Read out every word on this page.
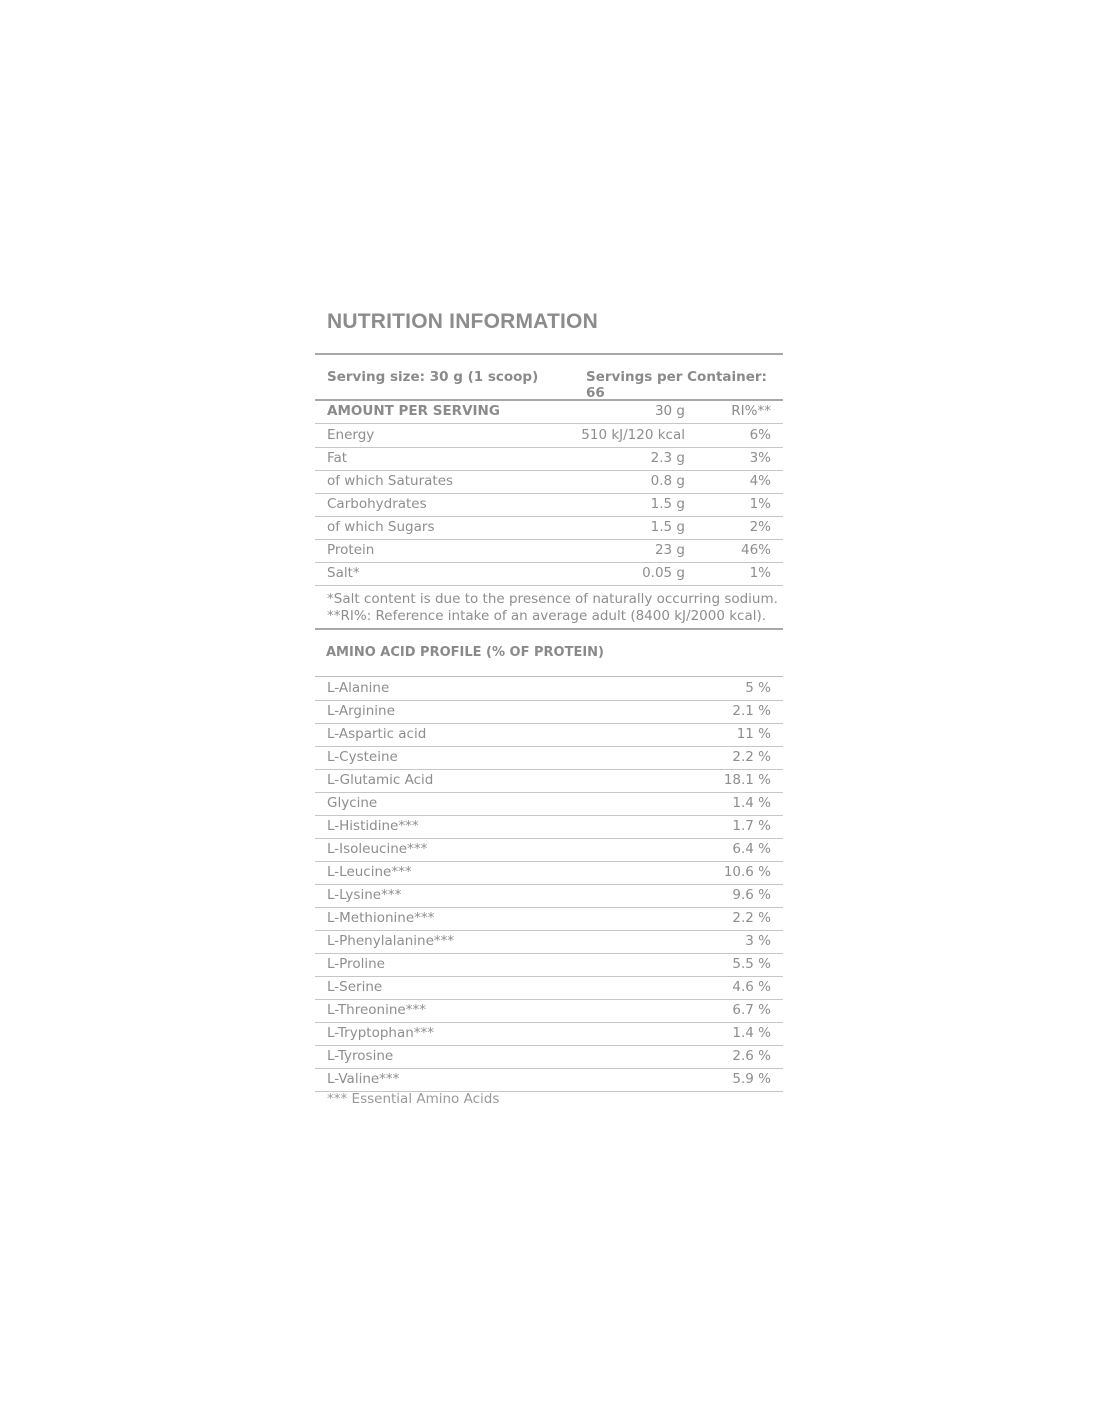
NUTRITION INFORMATION
Serving size: 30 g (1 scoop)	Servings per Container: 66
AMOUNT PER SERVING	30 g	RI%**
Energy	510 kJ/120 kcal	6%
Fat	2.3 g	3%
of which Saturates	0.8 g	4%
Carbohydrates	1.5 g	1%
of which Sugars	1.5 g	2%
Protein	23 g	46%
Salt*	0.05 g	1%
*Salt content is due to the presence of naturally occurring sodium.
**RI%: Reference intake of an average adult (8400 kJ/2000 kcal).
AMINO ACID PROFILE (% OF PROTEIN)
L-Alanine	5 %
L-Arginine	2.1 %
L-Aspartic acid	11 %
L-Cysteine	2.2 %
L-Glutamic Acid	18.1 %
Glycine	1.4 %
L-Histidine***	1.7 %
L-Isoleucine***	6.4 %
L-Leucine***	10.6 %
L-Lysine***	9.6 %
L-Methionine***	2.2 %
L-Phenylalanine***	3 %
L-Proline	5.5 %
L-Serine	4.6 %
L-Threonine***	6.7 %
L-Tryptophan***	1.4 %
L-Tyrosine	2.6 %
L-Valine***	5.9 %
*** Essential Amino Acids
